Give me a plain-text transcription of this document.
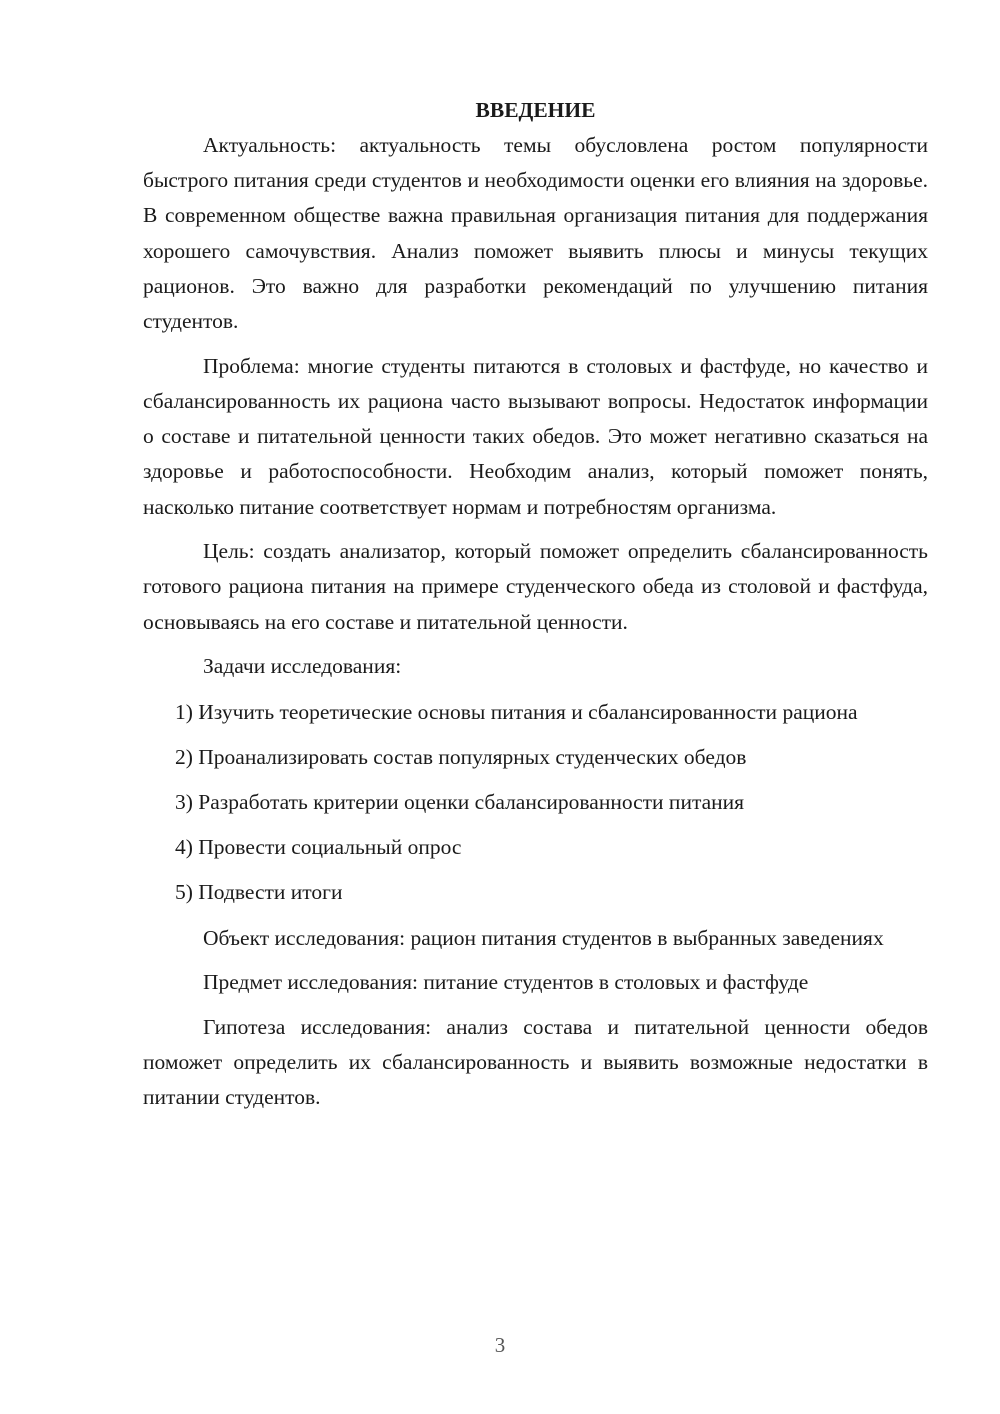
ВВЕДЕНИЕ

Актуальность: актуальность темы обусловлена ростом популярности быстрого питания среди студентов и необходимости оценки его влияния на здоровье. В современном обществе важна правильная организация питания для поддержания хорошего самочувствия. Анализ поможет выявить плюсы и минусы текущих рационов. Это важно для разработки рекомендаций по улучшению питания студентов.

Проблема: многие студенты питаются в столовых и фастфуде, но качество и сбалансированность их рациона часто вызывают вопросы. Недостаток информации о составе и питательной ценности таких обедов. Это может негативно сказаться на здоровье и работоспособности. Необходим анализ, который поможет понять, насколько питание соответствует нормам и потребностям организма.

Цель: создать анализатор, который поможет определить сбалансированность готового рациона питания на примере студенческого обеда из столовой и фастфуда, основываясь на его составе и питательной ценности.

Задачи исследования:

1) Изучить теоретические основы питания и сбалансированности рациона

2) Проанализировать состав популярных студенческих обедов

3) Разработать критерии оценки сбалансированности питания

4) Провести социальный опрос

5) Подвести итоги

Объект исследования: рацион питания студентов в выбранных заведениях

Предмет исследования: питание студентов в столовых и фастфуде

Гипотеза исследования: анализ состава и питательной ценности обедов поможет определить их сбалансированность и выявить возможные недостатки в питании студентов.

3
